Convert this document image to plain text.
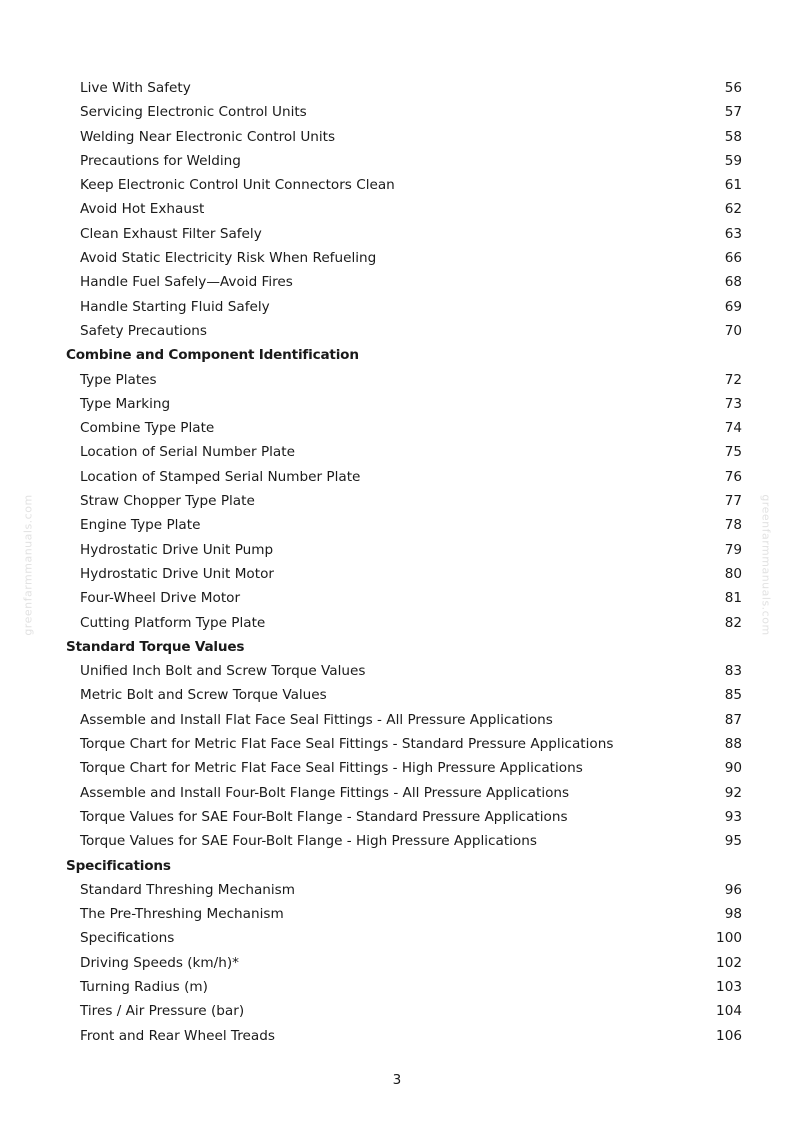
greenfarmmanuals.com	greenfarmmanuals.com
Live With Safety	56
Servicing Electronic Control Units	57
Welding Near Electronic Control Units	58
Precautions for Welding	59
Keep Electronic Control Unit Connectors Clean	61
Avoid Hot Exhaust	62
Clean Exhaust Filter Safely	63
Avoid Static Electricity Risk When Refueling	66
Handle Fuel Safely—Avoid Fires	68
Handle Starting Fluid Safely	69
Safety Precautions	70
Combine and Component Identification
Type Plates	72
Type Marking	73
Combine Type Plate	74
Location of Serial Number Plate	75
Location of Stamped Serial Number Plate	76
Straw Chopper Type Plate	77
Engine Type Plate	78
Hydrostatic Drive Unit Pump	79
Hydrostatic Drive Unit Motor	80
Four-Wheel Drive Motor	81
Cutting Platform Type Plate	82
Standard Torque Values
Unified Inch Bolt and Screw Torque Values	83
Metric Bolt and Screw Torque Values	85
Assemble and Install Flat Face Seal Fittings - All Pressure Applications	87
Torque Chart for Metric Flat Face Seal Fittings - Standard Pressure Applications	88
Torque Chart for Metric Flat Face Seal Fittings - High Pressure Applications	90
Assemble and Install Four-Bolt Flange Fittings - All Pressure Applications	92
Torque Values for SAE Four-Bolt Flange - Standard Pressure Applications	93
Torque Values for SAE Four-Bolt Flange - High Pressure Applications	95
Specifications
Standard Threshing Mechanism	96
The Pre-Threshing Mechanism	98
Specifications	100
Driving Speeds (km/h)*	102
Turning Radius (m)	103
Tires / Air Pressure (bar)	104
Front and Rear Wheel Treads	106
3
